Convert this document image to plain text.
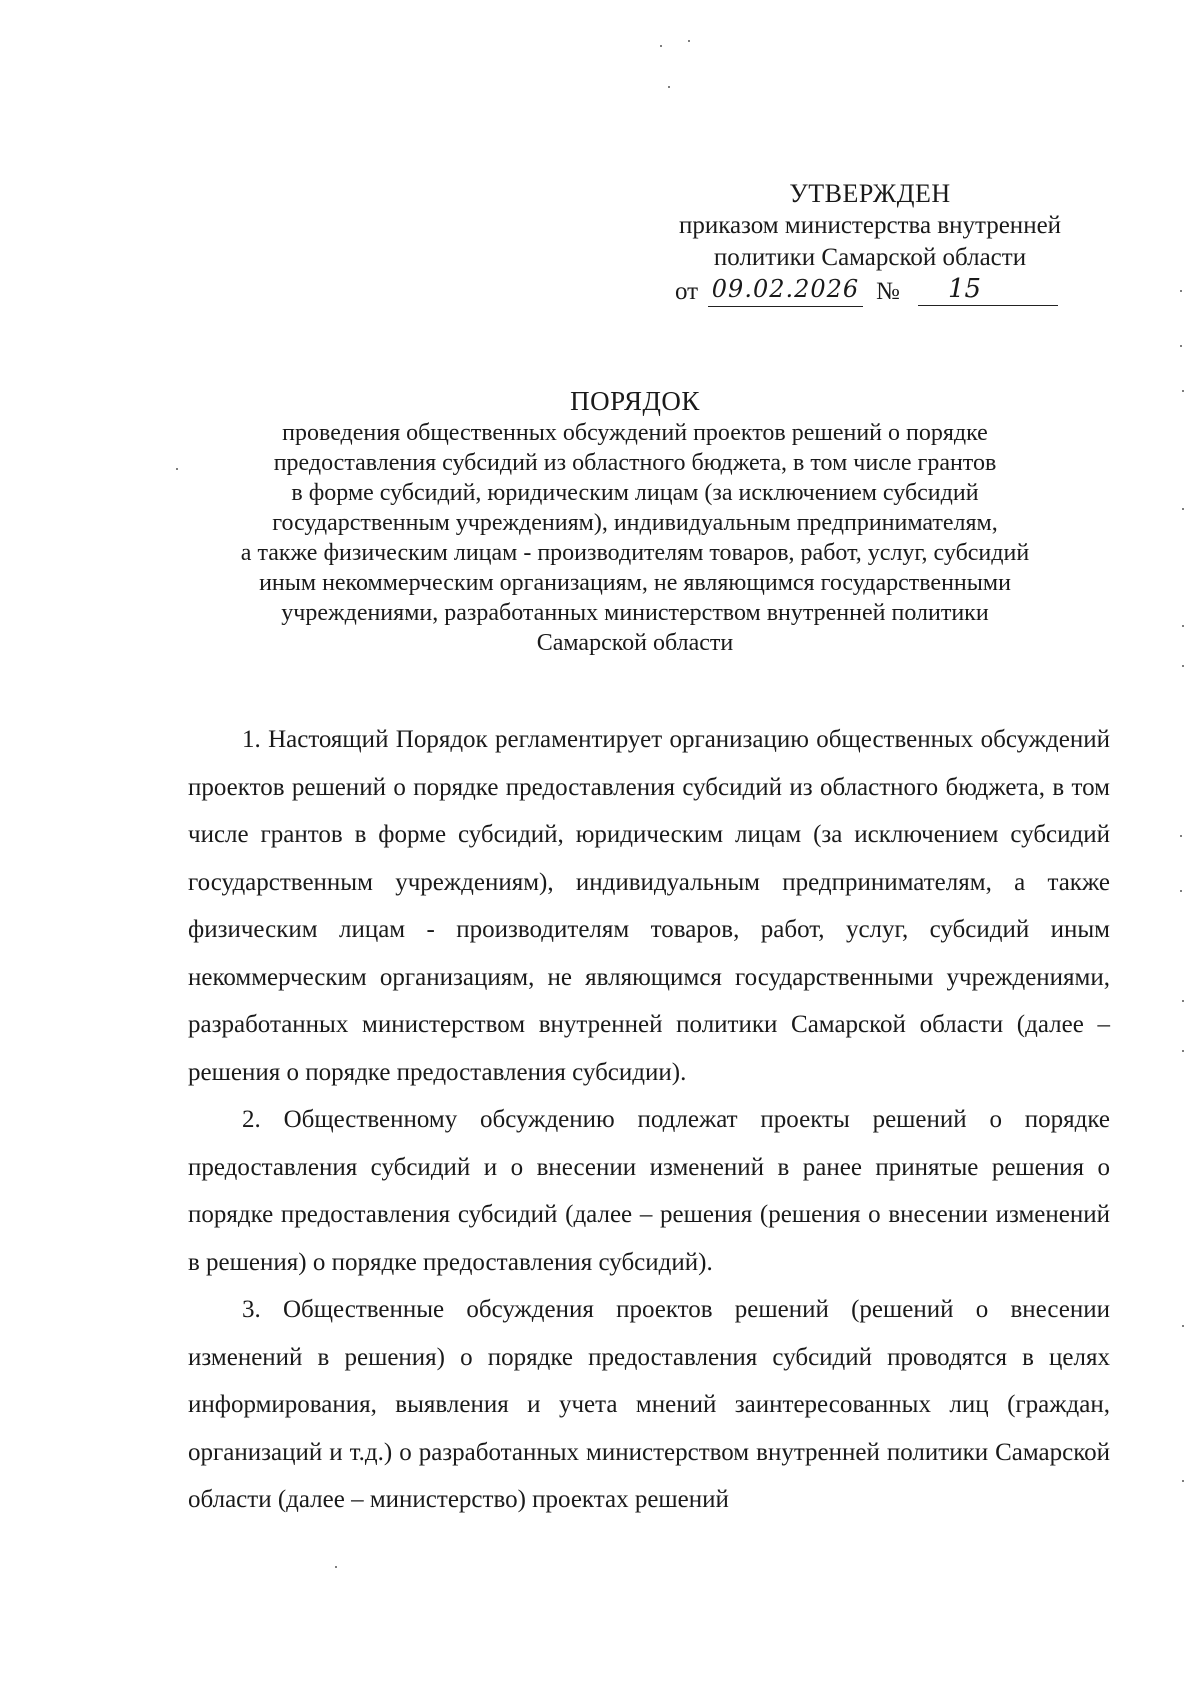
УТВЕРЖДЕН
приказом министерства внутренней
политики Самарской области
от 09.02.2026 №	15
ПОРЯДОК
проведения общественных обсуждений проектов решений о порядке
предоставления субсидий из областного бюджета, в том числе грантов
в форме субсидий, юридическим лицам (за исключением субсидий
государственным учреждениям), индивидуальным предпринимателям,
а также физическим лицам - производителям товаров, работ, услуг, субсидий
иным некоммерческим организациям, не являющимся государственными
учреждениями, разработанных министерством внутренней политики
Самарской области

1. Настоящий Порядок регламентирует организацию общественных обсуждений проектов решений о порядке предоставления субсидий из областного бюджета, в том числе грантов в форме субсидий, юридическим лицам (за исключением субсидий государственным учреждениям), индивидуальным предпринимателям, а также физическим лицам - производителям товаров, работ, услуг, субсидий иным некоммерческим организациям, не являющимся государственными учреждениями, разработанных министерством внутренней политики Самарской области (далее – решения о порядке предоставления субсидии).

2. Общественному обсуждению подлежат проекты решений о порядке предоставления субсидий и о внесении изменений в ранее принятые решения о порядке предоставления субсидий (далее – решения (решения о внесении изменений в решения) о порядке предоставления субсидий).

3. Общественные обсуждения проектов решений (решений о внесении изменений в решения) о порядке предоставления субсидий проводятся в целях информирования, выявления и учета мнений заинтересованных лиц (граждан, организаций и т.д.) о разработанных министерством внутренней политики Самарской области (далее – министерство) проектах решений
